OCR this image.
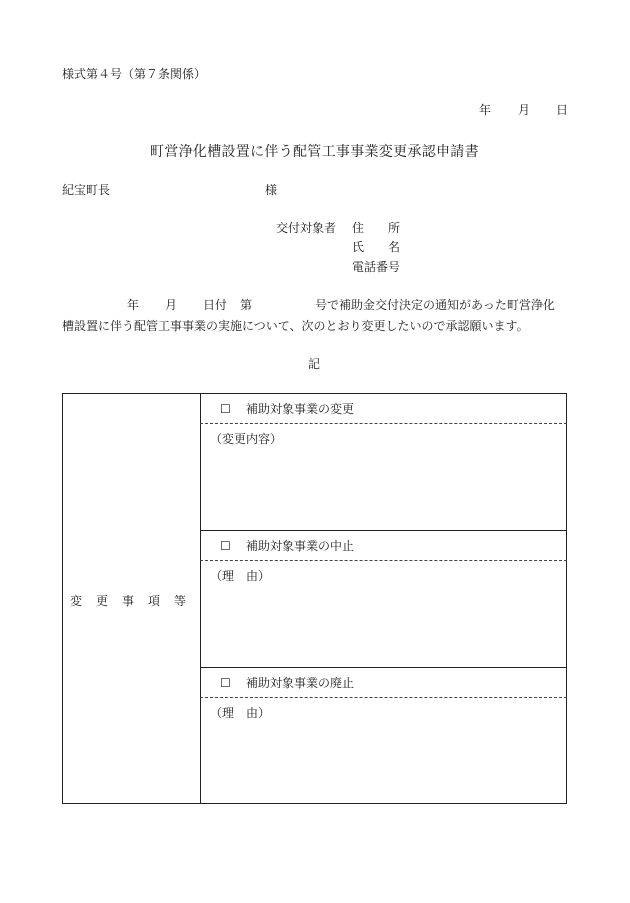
様式第４号（第７条関係）
年 月 日
町営浄化槽設置に伴う配管工事事業変更承認申請書
紀宝町長	様
交付対象者 住　　所
氏　　名
電話番号
年 月 日付 第	号で補助金交付決定の通知があった町営浄化
槽設置に伴う配管工事事業の実施について、次のとおり変更したいので承認願います。
記
変 更 事 項 等
☐ 補助対象事業の変更
（変更内容）
☐ 補助対象事業の中止
（理　由）
☐ 補助対象事業の廃止
（理　由）
